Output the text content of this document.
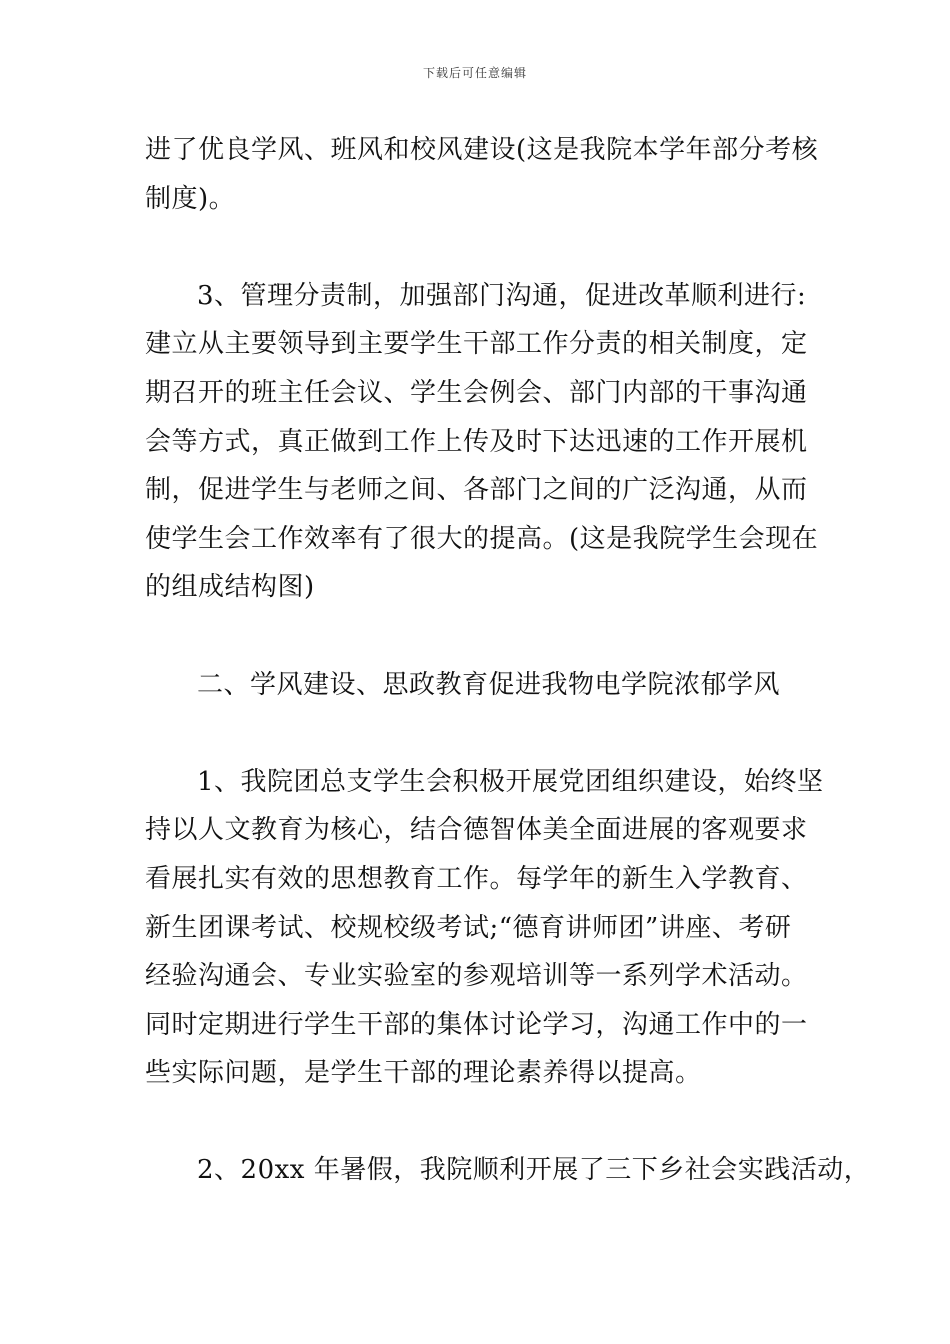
下载后可任意编辑
进了优良学风、班风和校风建设(这是我院本学年部分考核
制度)。
3、管理分责制，加强部门沟通，促进改革顺利进行:
建立从主要领导到主要学生干部工作分责的相关制度，定
期召开的班主任会议、学生会例会、部门内部的干事沟通
会等方式，真正做到工作上传及时下达迅速的工作开展机
制，促进学生与老师之间、各部门之间的广泛沟通，从而
使学生会工作效率有了很大的提高。(这是我院学生会现在
的组成结构图)
二、学风建设、思政教育促进我物电学院浓郁学风
1、我院团总支学生会积极开展党团组织建设，始终坚
持以人文教育为核心，结合德智体美全面进展的客观要求
看展扎实有效的思想教育工作。每学年的新生入学教育、
新生团课考试、校规校级考试;“德育讲师团”讲座、考研
经验沟通会、专业实验室的参观培训等一系列学术活动。
同时定期进行学生干部的集体讨论学习，沟通工作中的一
些实际问题，是学生干部的理论素养得以提高。
2、20xx 年暑假，我院顺利开展了三下乡社会实践活动，
